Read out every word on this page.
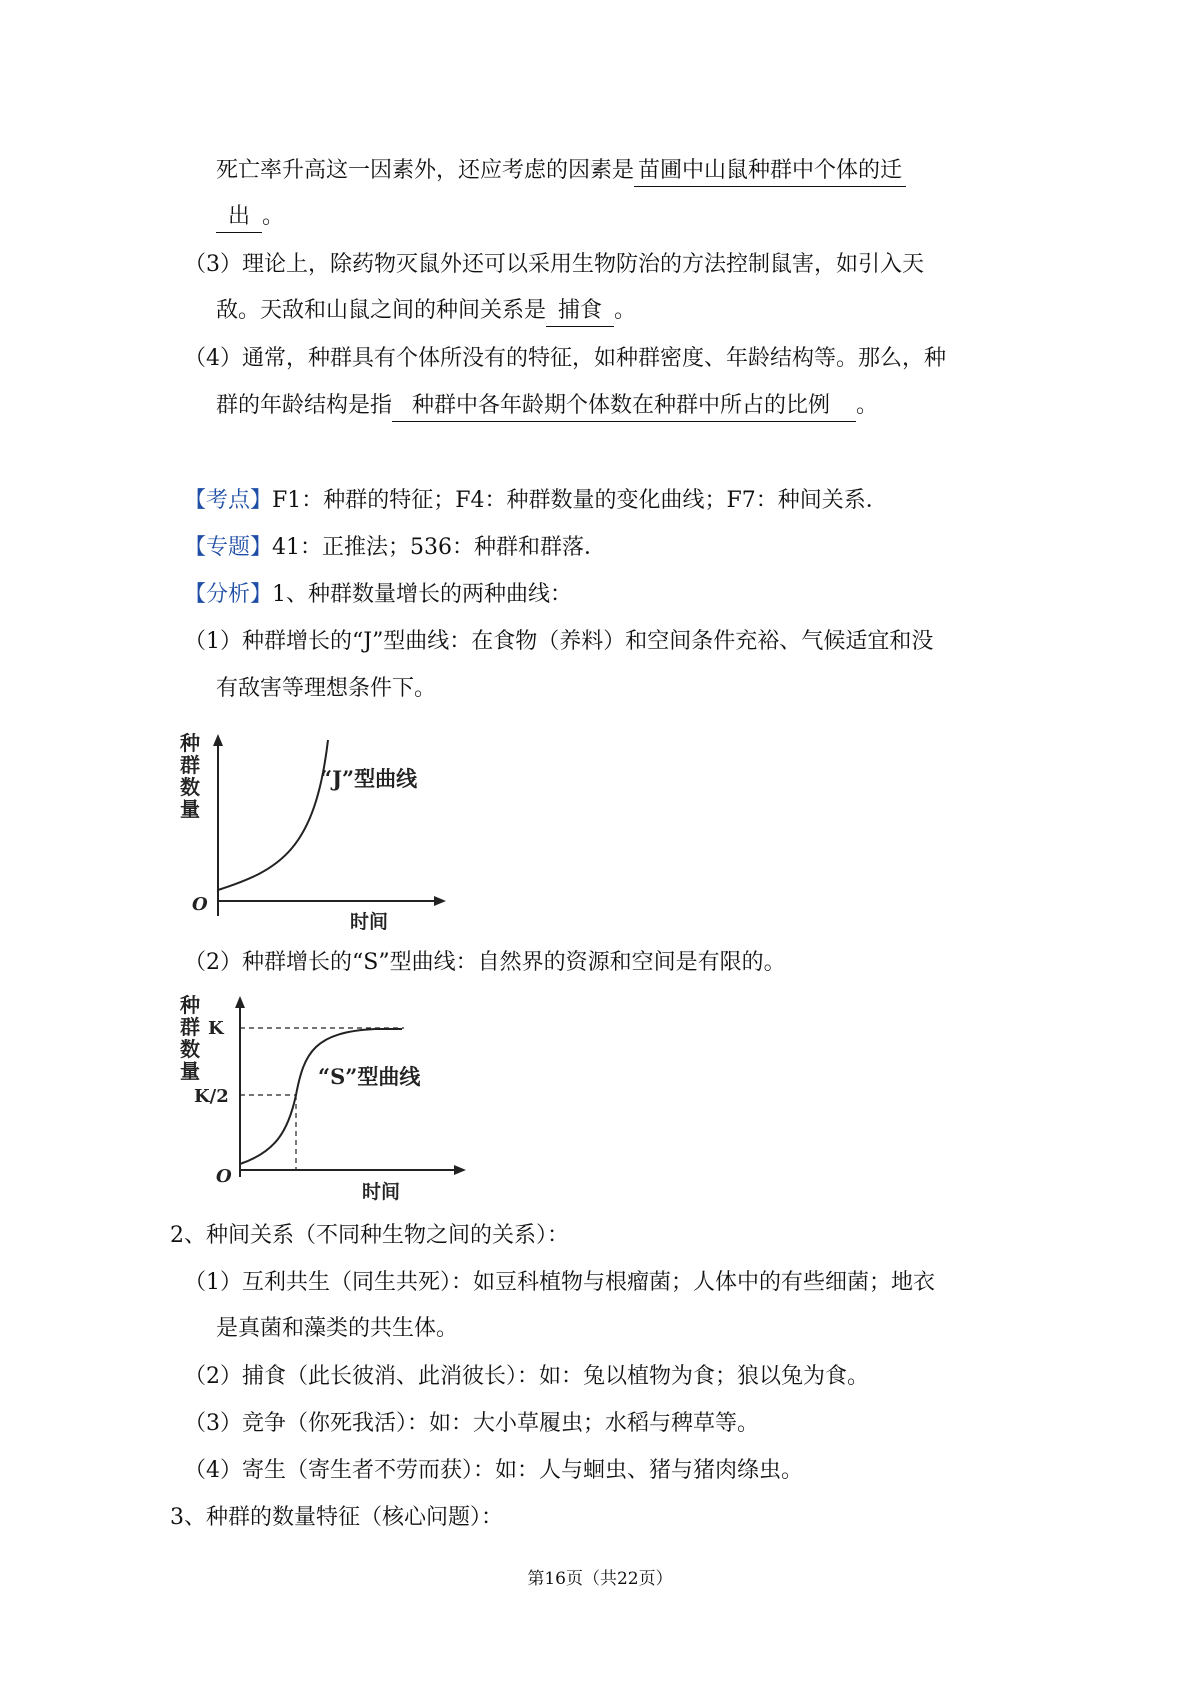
死亡率升高这一因素外，还应考虑的因素是 苗圃中山鼠种群中个体的迁
出 。
（3）理论上，除药物灭鼠外还可以采用生物防治的方法控制鼠害，如引入天
敌。天敌和山鼠之间的种间关系是 捕食 。
（4）通常，种群具有个体所没有的特征，如种群密度、年龄结构等。那么，种
群的年龄结构是指 种群中各年龄期个体数在种群中所占的比例 。
【考点】F1：种群的特征；F4：种群数量的变化曲线；F7：种间关系．
【专题】41：正推法；536：种群和群落．
【分析】1、种群数量增长的两种曲线：
（1）种群增长的“J”型曲线：在食物（养料）和空间条件充裕、气候适宜和没
有敌害等理想条件下。
种群数量
O
时间
“J”型曲线
（2）种群增长的“S”型曲线：自然界的资源和空间是有限的。
种群数量
K
K/2
O
时间
“S”型曲线
2、种间关系（不同种生物之间的关系）：
（1）互利共生（同生共死）：如豆科植物与根瘤菌；人体中的有些细菌；地衣
是真菌和藻类的共生体。
（2）捕食（此长彼消、此消彼长）：如：兔以植物为食；狼以兔为食。
（3）竞争（你死我活）：如：大小草履虫；水稻与稗草等。
（4）寄生（寄生者不劳而获）：如：人与蛔虫、猪与猪肉绦虫。
3、种群的数量特征（核心问题）：
第16页（共22页）
